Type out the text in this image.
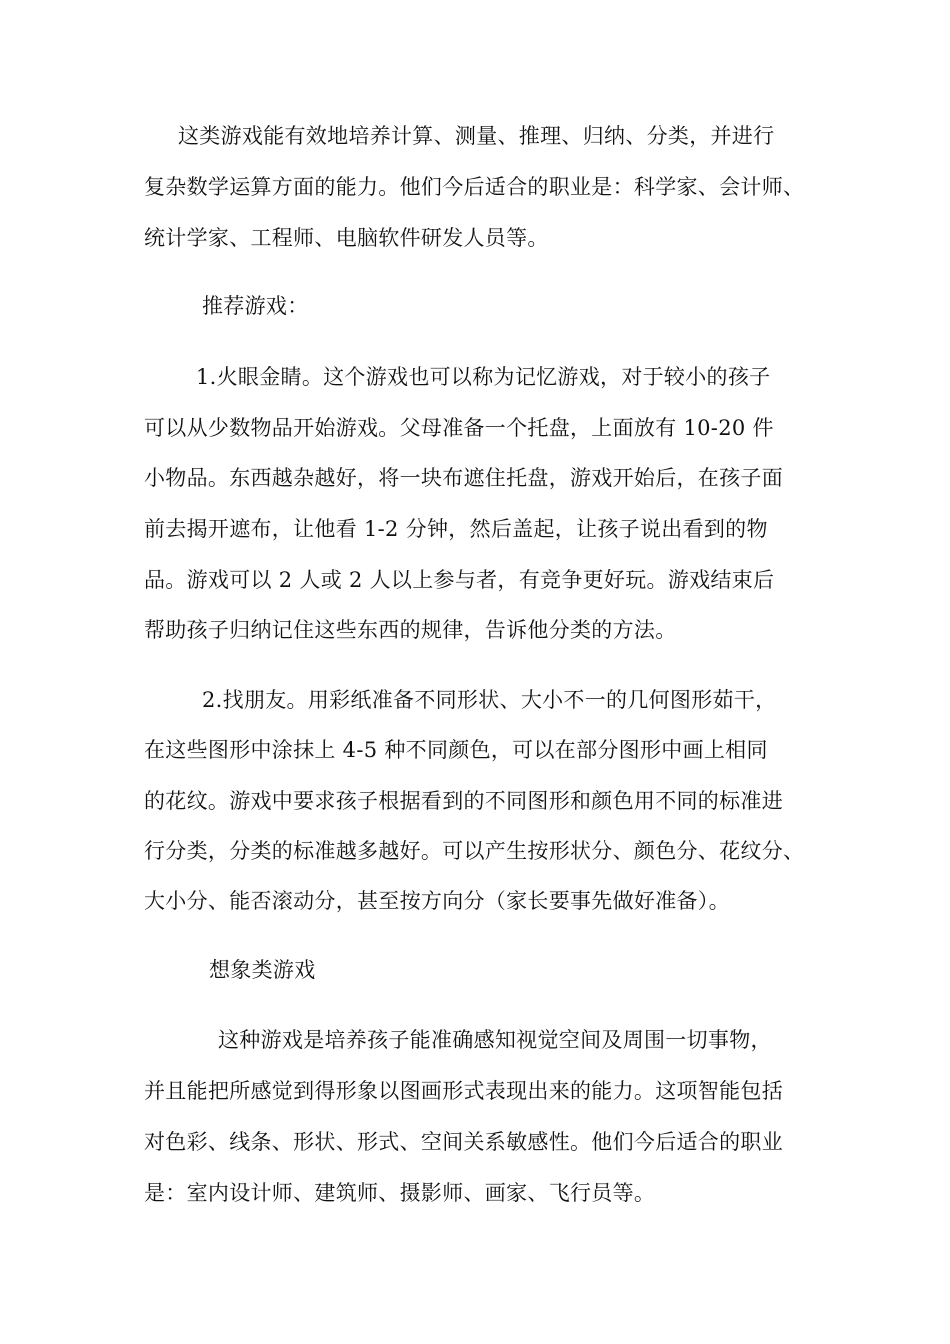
这类游戏能有效地培养计算、测量、推理、归纳、分类，并进行
复杂数学运算方面的能力。他们今后适合的职业是：科学家、会计师、
统计学家、工程师、电脑软件研发人员等。
推荐游戏：
1.火眼金睛。这个游戏也可以称为记忆游戏，对于较小的孩子
可以从少数物品开始游戏。父母准备一个托盘，上面放有 10-20 件
小物品。东西越杂越好，将一块布遮住托盘，游戏开始后，在孩子面
前去揭开遮布，让他看 1-2 分钟，然后盖起，让孩子说出看到的物
品。游戏可以 2 人或 2 人以上参与者，有竞争更好玩。游戏结束后
帮助孩子归纳记住这些东西的规律，告诉他分类的方法。
2.找朋友。用彩纸准备不同形状、大小不一的几何图形茹干，
在这些图形中涂抹上 4-5 种不同颜色，可以在部分图形中画上相同
的花纹。游戏中要求孩子根据看到的不同图形和颜色用不同的标准进
行分类，分类的标准越多越好。可以产生按形状分、颜色分、花纹分、
大小分、能否滚动分，甚至按方向分（家长要事先做好准备）。
想象类游戏
这种游戏是培养孩子能准确感知视觉空间及周围一切事物，
并且能把所感觉到得形象以图画形式表现出来的能力。这项智能包括
对色彩、线条、形状、形式、空间关系敏感性。他们今后适合的职业
是：室内设计师、建筑师、摄影师、画家、飞行员等。
